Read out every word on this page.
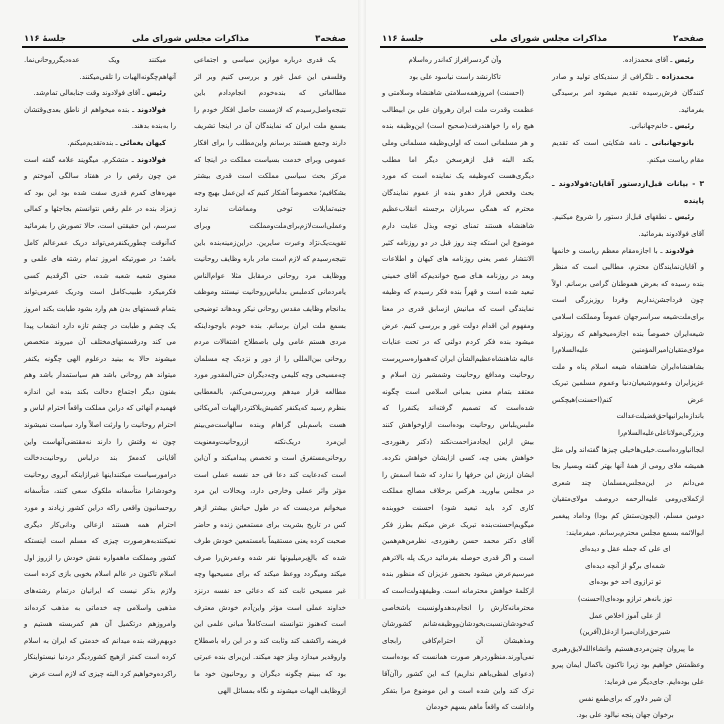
صفحه۳
مذاکرات مجلس شورای ملی
جلسهٔ ۱۱۶

یک قدری درباره موازین سیاسی و اجتماعی وفلسفی این عمل غور و بررسی کنیم وبر اثر مطالعاتی که بنده‌خودم انجام‌دادم باین نتیجه‌واصل‌رسیدم که لازمست حاصل افکار خودم را بسمع ملت ایران که نمایندگان آن در اینجا تشریف دارند وجمع هستند برسانم واین‌مطلب را برای افکار عمومی وبرای خدمت بسیاست مملکت در اینجا که مرکز بحث سیاسی مملکت است قدری بیشتر بشکافیم؛ مخصوصاً آشکار کنیم که این‌عمل بهیچ وجه جنبه‌تمایلات توخی ومماشات ندارد وعملی‌است‌لازم‌برای‌ملت‌ومملکت وبرای تقویت‌یک‌نژاد وعبرت سایرین. دراین‌زمینه‌بنده باین نتیجه‌رسیدم که لازم است مادر باره وظایف روحانیت ووظایف مرد روحانی درمقابل مثلا عوام‌الناس یامردمانی کدملبس بدلباس‌روحانیت نیستند وموظف بدانجام وظایف مقدس روحانی نیکر وبدهاند توضیحی بسمع ملت ایران برسانم. بنده خودم باوجوداینکه مردی هستم عامی ولی باصطلاح اشتغالات مردم روحانی بین‌المللی را از دور و نزدیک چه مسلمان چه‌مسیحی وچه کلیمی وچه‌دیگران حتی‌المقدور مورد مطالعه قرار میدهم وبررسی‌می‌کنم، بالمعطابی بنظرم رسید که‌یکنفر کشیش‌بلاکتردرالهیات آمریکائی هست باسم‌بلی گراهام وبنده سالهاست‌می‌بینم این‌مرد دریک‌نکته ازروحانیت‌ومعنویت روحانی‌مستغرق است و تخصص پیدامیکند و آن‌این است که‌دعایت کند دعا فی حد نفسه عملی است مؤثر واثر عملی وخارجی دارد، وبحالات این مرد میخوانم مردیست که در طول حیاتش بیشتر ازهر کس در تاریخ بشریت برای مستمعین زنده و حاضر صحبت کرده یعنی مستقیماً بامستمعین خودش طرف شده که بالغ‌برمیلیونها نفر شده وعمرش‌را صرف میکند ومیگردد ووعظ میکند که برای مسیحیها وچه غیر مسیحی ثابت کند که دعائی حد نفسه درنزد خداوند عملی است مؤثر واین‌آدم خودش معترف است که‌هنوز نتوانسته است‌کاملاً مبانی علمی این فریضه راکشف کند وثابت کند و در این راه باصطلاح واروقدیر میدازد وبلز جهد میکند. این‌برای بنده عبرتی بود که ببینم چگونه دیگران و روحانیون خود ما ازوظایف الهیات میشوند و نگاه بمسائل الهی

میکنند ویک عده‌دیگر‌روحانی‌نما. آنهاهم‌چگونه‌الهیات را تلقی‌میکنند.

رئیس ـ آقای فولادوند وقت جنابعالی تمام‌شد.

فولادوند ـ بنده میخواهم از ناطق بعدی‌وقتشان را به‌بنده بدهند.

کیهان یغمائی ـ بنده‌تقدیم‌میکنم.

فولادوند ـ متشکرم. میگویند علامه گفته است من چون رقص را در هفتاد سالگی آموختم و مهره‌های کمرم قدری سفت شده بود این بود که زمزاد بنده در علم رقص نتوانستم بجاجئها و کمالی سرسم، این حقیقتی است، حالا تصورش را بفرمائید که‌آنوقت چطور‌یکنفرمی‌تواند دریک عمرعالم کامل باشد؛ در صورتیکه امروز تمام رشته های علمی و معنوی شعبه شعبه شده، حتی اگرقدیم کسی فکرمیکرد طبیب‌کامل است ودریک عمرمی‌تواند بتمام قسمتهای بدن هم وارد بشود طبابت بکند امروز یک چشم و طبابت در چشم تازه دارد انشعاب پیدا می کند ودرقسمتهای‌مختلف آن میروند متخصص میشوند حالا به بینید درعلوم الهی چگونه یکنفر میتواند هم روحانی باشد هم سیاستمدار باشد وهم بفنون دیگر اجتماع دخالت بکند بنده این اندازه فهمیدم آنهائی که دراین مملکت واقعاً احترام لباس و احترام روحانیت را وارثت اصلاً وارد سیاست نمیشوند چون نه وقتش را دارند نه‌مقتضی‌آنهاست واین آقایانی کدمعرّ بند درلباس روحانیت‌دخالت درامورسیاست میکنند‌اینها غیرازاینکه آبروی روحانیت وخودشانرا متأسفانه ملکوک سعی کنند، متأسفانه روحسانیون واقعی راکه دراین کشور زیادند و مورد احترام همه هستند ازعالی ودانی‌کار دیگری نمیکنند‌به‌هرصورت چیزی که مسلم است اینستکه کشور ومملکت ماهمواره نقش خودش را ازروز اول اسلام تاکنون در عالم اسلام بخوبی بازی کرده است ولازم بذکر نیست که ایرانیان درتمام رشته‌های مذهبی واسلامی چه خدماتی به مذهب کرده‌اند وامروزهم درتکمیل آن هم کمربسته هستیم و دوبهم‌رفته بنده میدانم که خدمتی که ایران به اسلام کرده است کمتر ازهیچ کشوردیگر دردنیا نیستواینکار راکرده‌وخواهیم کرد البته چیزی که لازم است عرض

صفحه۲
مذاکرات مجلس شورای ملی
جلسهٔ ۱۱۶

رئیس ـ آقای محمدزاده.

محمدزاده ـ تلگرافی از سندیکای تولید و صادر کنندگان فرش‌رسیده تقدیم میشود امر برسیدگی بفرمائید.

رئیس ـ خانم‌جهانبانی.

بانوجهانبانی ـ نامه شکایتی است که تقدیم مقام ریاست میکنم.

۳ - بیانات قبل‌ازدستور آقایان:فولادوند ـ پاینده

رئیس ـ نطقهای قبل‌از دستور را شروع میکنیم. آقای فولادوند بفرمائید.

فولادوند ـ با اجازه‌مقام معظم ریاست و خانمها و آقایان‌نمایندگان محترم، مطالبی است که منظر بنده رسیده که بعرض همو‌طنان گرامی برسانم. اولاً چون فردا‌جشن‌نداریم وفردا روزبزرگی است برای‌ملت‌شیعه سراسرجهان عموماً ومملکت اسلامی شیعه‌ایران خصوصاً بنده اجازه‌میخواهم که روزتولد مولای‌متقیان‌امیرالمؤمنین علیه‌السلام‌را بشاهنشاه‌ایران شاهنشاه شیعه اسلام پناه و ملت عزیزایران وعموم‌شیعیان‌دنیا وعموم مسلمین تبریک عرض کنم(احسنت)هیچکس باندازه‌ایرانیها‌حق‌فضیلت‌عدالت وبزرگی‌مولاناعلی‌علیه‌السلام‌را ابجاانیاورده‌است.خیلی‌هاخیلی چیزها گفته‌اند ولی مثل همیشه ملای رومی از همهٔ آنها بهتر گفته وبسیار بجا می‌دانم در این‌مجلس‌مسلمان چند شعری ازکملای‌رومی علیه‌الرحمه دروصف مولای‌متقیان دومین مسلم، (ایچون‌ستش کم بودا) وداماد پیغمبر ابوالائمه بسمع مجلس محترم‌برسانم. میفرمایند:

ای علی که جمله عقل و دیده‌ای

شمه‌ای برگو از آنچه دیده‌ای

تو ترازوی احد خو بوده‌ای

توز بانه‌هر ترازو بوده‌ای(احسنت)

از علی آموز اخلاص عمل

شیرحق‌راداں‌مبرا ازدغل(آفرین)

ما پیروان چنین‌مردی‌هستیم وانشاءالله‌لایق‌رهبری وعظمتش خواهیم بود زیرا تاکنون باکمال ایمان پیرو علی بوده‌ایم. جای‌دیگر می فرماید:

آن شیر دلاور که برای‌طمع نفس

برخوان جهان پنجه نیالود علی بود.

وآن گردسرافراز که‌اندر ره‌اسلام

تاکارنشد راست نیاسود علی بود

(احسنت) امروزهمه‌سلامتی شاهنشاه وسلامتی و عظمت وقدرت ملت ایران رهرو‌ان علی بن ابیطالب هیچ راه را خواهندرفت(صحیح است) این‌وظیفه بنده و هر مسلمانی است که اولی‌وظیفه مسلمانی وملی بکند البته قبل ازهرسخن دیگر اما مطلب دیگری‌هست که‌وظیفه یک نماینده است که مورد بحث وفحص قرار دهدو بنده از عموم نمایندگان محترم که همگی سربازان برجسته انقلاب‌عظیم شاهنشاه هستند تمنای توجه وبذل عنایت دارم موضوع این استکه چند روز قبل در دو روزنامه کثیر الانتشار عصر یعنی روزنامه های کیهان و اطلاعات وبعد در روزنامه هـای صبح خواندیم‌که آقای خمینی تبعید شده است و قهراً بنده فکر رسیدم که وظیفه نمایندگی است که مبانیش ازسابق قدری در معنا ومفهوم این اقدام دولت غور و بررسی کنیم. عرض میشود بنده فکر کردم دولتی که در تحت عنایات عالیه شاهنشاه‌عظیم‌الشأن ایران که‌همواره‌سرپرست روحانیت ومدافع روحانیت وشمشیر زن اسلام و معتقد بتمام معنی بمبانی اسلامی است چگونه شده‌است که تصمیم گرفته‌اند یکنفررا که ملبس‌بلباس روحانیت بوده‌است ازاوخواهش کنند بیش ازاین ایجادمزاحمت‌نکند (دکتر رهنوردی‌ـ خواهش یعنی چه، کسی ازایشان خواهش نکرده. ایشان ارزش این حرفها را ندارد که شما اسمش را در مجلس بیاورید. هرکس برخلاف مصالح مملکت کاری کرد باید تبعید شود) احسنت خوو‌بنده میگویم‌احسنت‌بنده تبریک عرض میکنم بطرز فکر آقای دکتر محمد حسن رهنوردی، نظرمن‌هم‌همین است و اگر قدری حوصله بفرمائید دریک پله بالاتر‌هم میرسیم‌عرض میشود بحضور عزیزان که منظور بنده ازکلمهٔ خواهش محترمانه است. وظیفهٔدولت‌است که محترمانه‌کارش را انجام‌بدهدولونسبت باشخاصی که‌خودشان‌نسبت‌بخودشان‌ووظیفه‌شانم کشورشان ومذهبشان آن احترام‌کافی رابجای نمی‌آورند.منظور‌درهر صورت همانست که بوده‌است (دعوای لفظی‌باهم نداریم) کـه این کشور راآن‌آقا ترک کند واین شده است و این موضوع مرا بتفکر واداشت که واقعاً ماهم بسهم خودمان
